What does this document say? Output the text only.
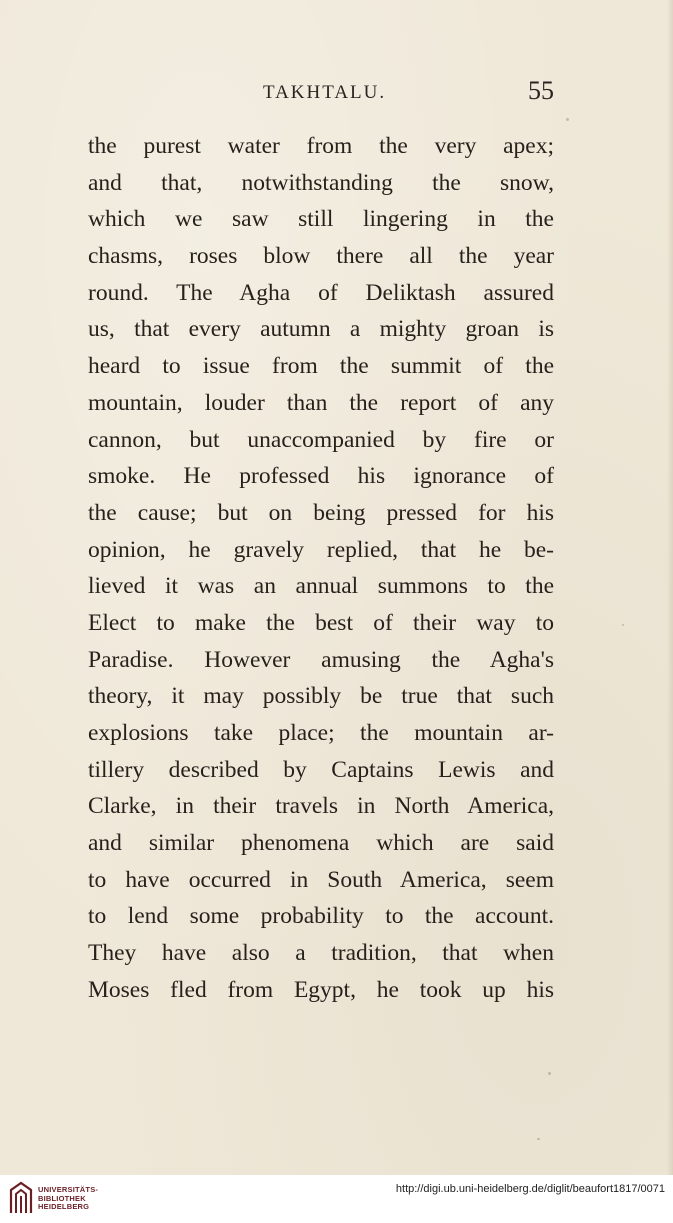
TAKHTALU.	55
the purest water from the very apex;
and that, notwithstanding the snow,
which we saw still lingering in the
chasms, roses blow there all the year
round. The Agha of Deliktash assured
us, that every autumn a mighty groan is
heard to issue from the summit of the
mountain, louder than the report of any
cannon, but unaccompanied by fire or
smoke. He professed his ignorance of
the cause; but on being pressed for his
opinion, he gravely replied, that he be-
lieved it was an annual summons to the
Elect to make the best of their way to
Paradise. However amusing the Agha's
theory, it may possibly be true that such
explosions take place; the mountain ar-
tillery described by Captains Lewis and
Clarke, in their travels in North America,
and similar phenomena which are said
to have occurred in South America, seem
to lend some probability to the account.
They have also a tradition, that when
Moses fled from Egypt, he took up his
UNIVERSITÄTS-
BIBLIOTHEK
HEIDELBERG
http://digi.ub.uni-heidelberg.de/diglit/beaufort1817/0071
